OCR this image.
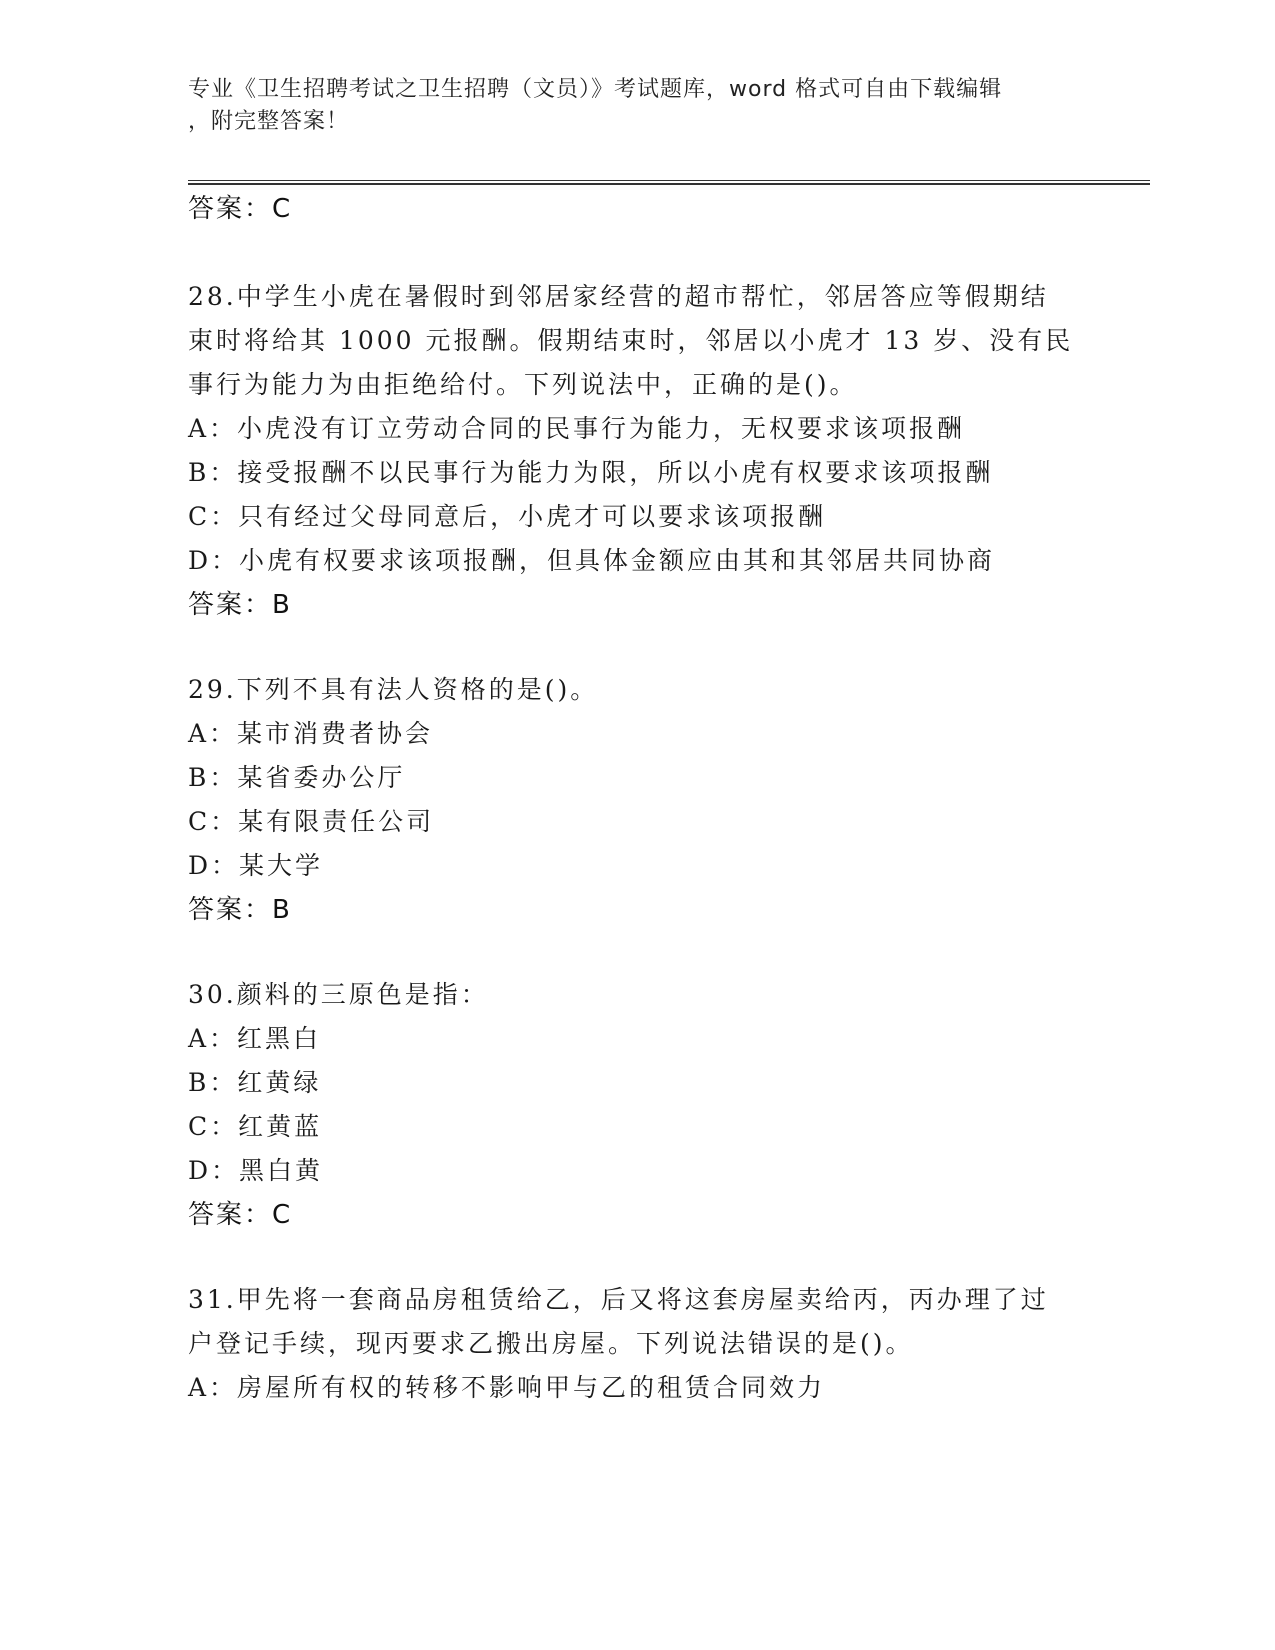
专业《卫生招聘考试之卫生招聘（文员）》考试题库，word 格式可自由下载编辑
，附完整答案！
答案：C
28.中学生小虎在暑假时到邻居家经营的超市帮忙，邻居答应等假期结
束时将给其 1000 元报酬。假期结束时，邻居以小虎才 13 岁、没有民
事行为能力为由拒绝给付。下列说法中，正确的是()。
A：小虎没有订立劳动合同的民事行为能力，无权要求该项报酬
B：接受报酬不以民事行为能力为限，所以小虎有权要求该项报酬
C：只有经过父母同意后，小虎才可以要求该项报酬
D：小虎有权要求该项报酬，但具体金额应由其和其邻居共同协商
答案：B
29.下列不具有法人资格的是()。
A：某市消费者协会
B：某省委办公厅
C：某有限责任公司
D：某大学
答案：B
30.颜料的三原色是指：
A：红黑白
B：红黄绿
C：红黄蓝
D：黑白黄
答案：C
31.甲先将一套商品房租赁给乙，后又将这套房屋卖给丙，丙办理了过
户登记手续，现丙要求乙搬出房屋。下列说法错误的是()。
A：房屋所有权的转移不影响甲与乙的租赁合同效力
